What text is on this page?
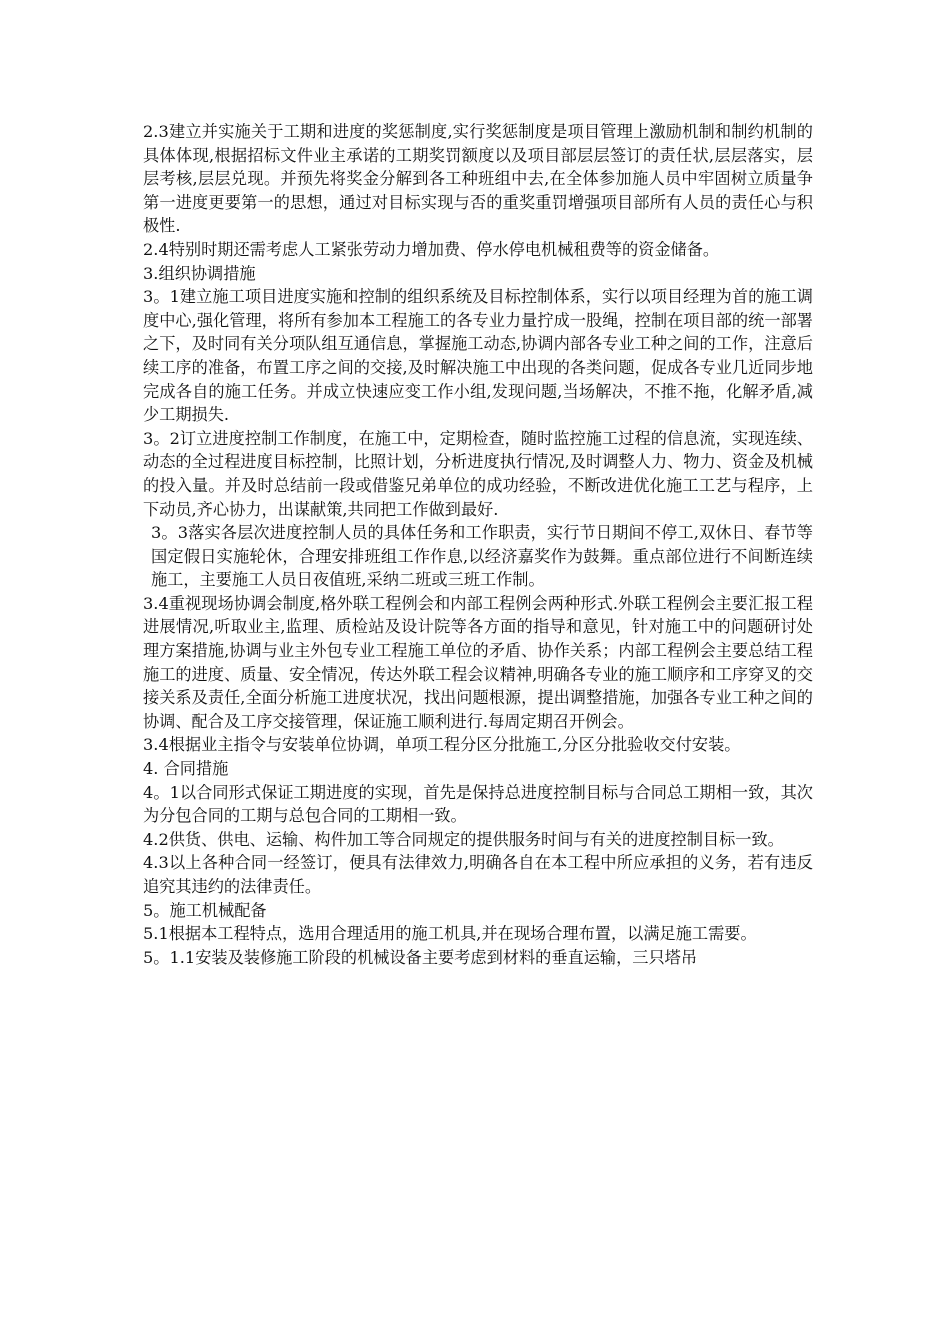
2.3建立并实施关于工期和进度的奖惩制度,实行奖惩制度是项目管理上激励机制和制约机制的具体体现,根据招标文件业主承诺的工期奖罚额度以及项目部层层签订的责任状,层层落实，层层考核,层层兑现。并预先将奖金分解到各工种班组中去,在全体参加施人员中牢固树立质量争第一进度更要第一的思想，通过对目标实现与否的重奖重罚增强项目部所有人员的责任心与积极性.

2.4特别时期还需考虑人工紧张劳动力增加费、停水停电机械租费等的资金储备。

3.组织协调措施

3。1建立施工项目进度实施和控制的组织系统及目标控制体系，实行以项目经理为首的施工调度中心,强化管理，将所有参加本工程施工的各专业力量拧成一股绳，控制在项目部的统一部署之下，及时同有关分项队组互通信息，掌握施工动态,协调内部各专业工种之间的工作，注意后续工序的准备，布置工序之间的交接,及时解决施工中出现的各类问题，促成各专业几近同步地完成各自的施工任务。并成立快速应变工作小组,发现问题,当场解决，不推不拖，化解矛盾,减少工期损失.

3。2订立进度控制工作制度，在施工中，定期检查，随时监控施工过程的信息流，实现连续、动态的全过程进度目标控制，比照计划，分析进度执行情况,及时调整人力、物力、资金及机械的投入量。并及时总结前一段或借鉴兄弟单位的成功经验，不断改进优化施工工艺与程序，上下动员,齐心协力，出谋献策,共同把工作做到最好.

3。3落实各层次进度控制人员的具体任务和工作职责，实行节日期间不停工,双休日、春节等国定假日实施轮休，合理安排班组工作作息,以经济嘉奖作为鼓舞。重点部位进行不间断连续施工，主要施工人员日夜值班,采纳二班或三班工作制。

3.4重视现场协调会制度,格外联工程例会和内部工程例会两种形式.外联工程例会主要汇报工程进展情况,听取业主,监理、质检站及设计院等各方面的指导和意见，针对施工中的问题研讨处理方案措施,协调与业主外包专业工程施工单位的矛盾、协作关系；内部工程例会主要总结工程施工的进度、质量、安全情况，传达外联工程会议精神,明确各专业的施工顺序和工序穿叉的交接关系及责任,全面分析施工进度状况，找出问题根源，提出调整措施，加强各专业工种之间的协调、配合及工序交接管理，保证施工顺利进行.每周定期召开例会。

3.4根据业主指令与安装单位协调，单项工程分区分批施工,分区分批验收交付安装。

4. 合同措施

4。1以合同形式保证工期进度的实现，首先是保持总进度控制目标与合同总工期相一致，其次为分包合同的工期与总包合同的工期相一致。

4.2供货、供电、运输、构件加工等合同规定的提供服务时间与有关的进度控制目标一致。

4.3以上各种合同一经签订，便具有法律效力,明确各自在本工程中所应承担的义务，若有违反追究其违约的法律责任。

5。施工机械配备

5.1根据本工程特点，选用合理适用的施工机具,并在现场合理布置，以满足施工需要。

5。1.1安装及装修施工阶段的机械设备主要考虑到材料的垂直运输，三只塔吊
